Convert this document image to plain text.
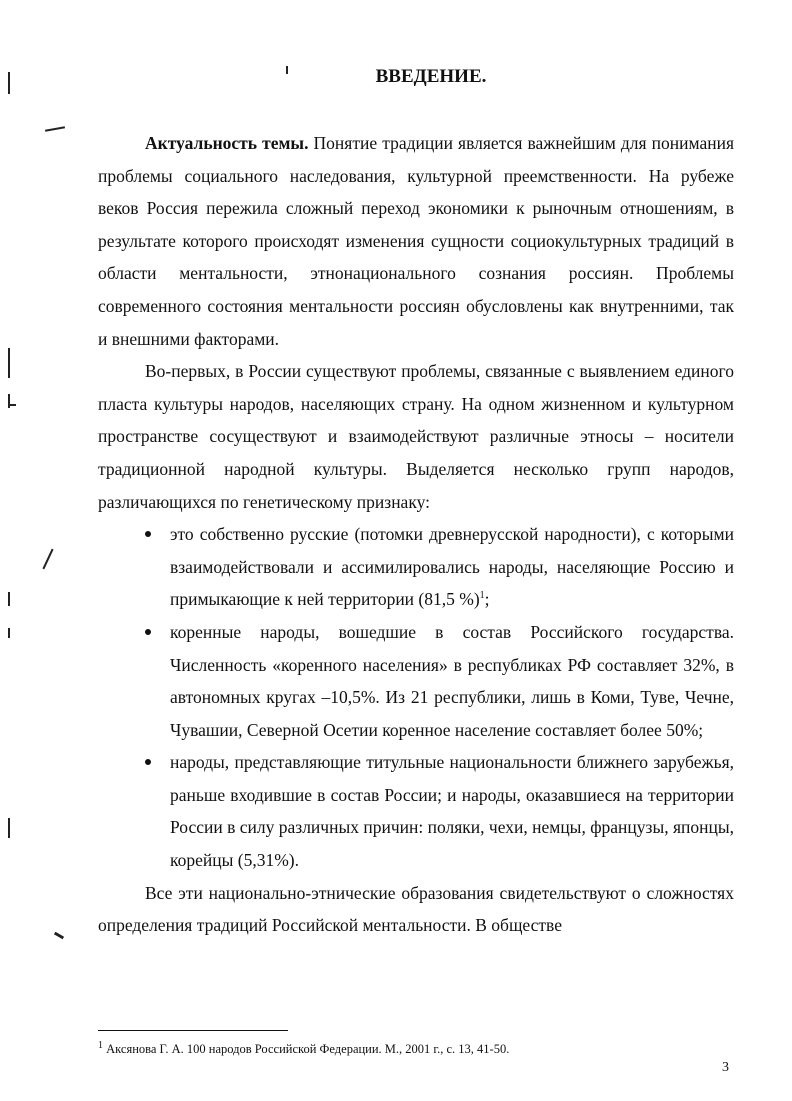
ВВЕДЕНИЕ.

Актуальность темы. Понятие традиции является важнейшим для понимания проблемы социального наследования, культурной преемственности. На рубеже веков Россия пережила сложный переход экономики к рыночным отношениям, в результате которого происходят изменения сущности социокультурных традиций в области ментальности, этнонационального сознания россиян. Проблемы современного состояния ментальности россиян обусловлены как внутренними, так и внешними факторами.

Во-первых, в России существуют проблемы, связанные с выявлением единого пласта культуры народов, населяющих страну. На одном жизненном и культурном пространстве сосуществуют и взаимодействуют различные этносы – носители традиционной народной культуры. Выделяется несколько групп народов, различающихся по генетическому признаку:

это собственно русские (потомки древнерусской народности), с которыми взаимодействовали и ассимилировались народы, населяющие Россию и примыкающие к ней территории (81,5 %)$^1$;
коренные народы, вошедшие в состав Российского государства. Численность «коренного населения» в республиках РФ составляет 32%, в автономных кругах –10,5%. Из 21 республики, лишь в Коми, Туве, Чечне, Чувашии, Северной Осетии коренное население составляет более 50%;
народы, представляющие титульные национальности ближнего зарубежья, раньше входившие в состав России; и народы, оказавшиеся на территории России в силу различных причин: поляки, чехи, немцы, французы, японцы, корейцы (5,31%).

Все эти национально-этнические образования свидетельствуют о сложностях определения традиций Российской ментальности. В обществе

$^1$ Аксянова Г. А. 100 народов Российской Федерации. М., 2001 г., с. 13, 41-50.
3
